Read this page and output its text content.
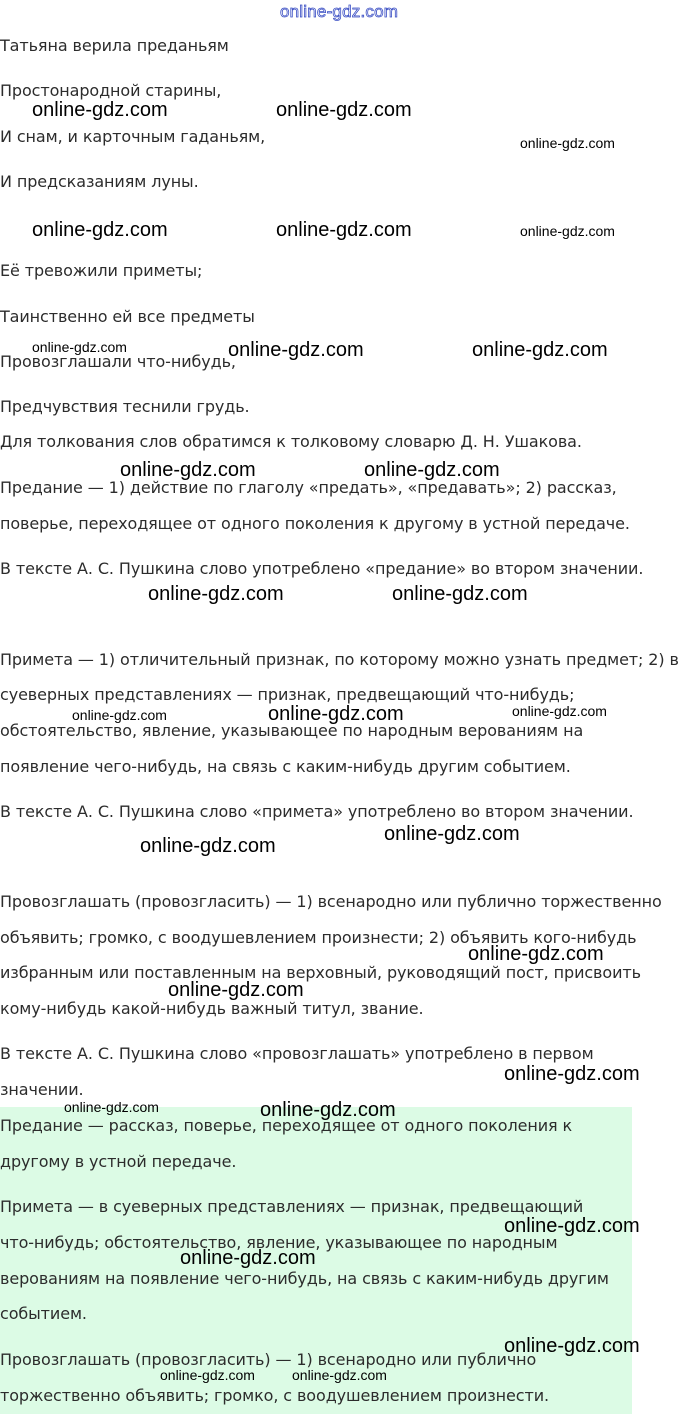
online-gdz.com
Татьяна верила преданьям
Простонародной старины,
И снам, и карточным гаданьям,
И предсказаниям луны.
Её тревожили приметы;
Таинственно ей все предметы
Провозглашали что-нибудь,
Предчувствия теснили грудь.
Для толкования слов обратимся к толковому словарю Д. Н. Ушакова.
Предание — 1) действие по глаголу «предать», «предавать»; 2) рассказ,
поверье, переходящее от одного поколения к другому в устной передаче.
В тексте А. С. Пушкина слово употреблено «предание» во втором значении.
Примета — 1) отличительный признак, по которому можно узнать предмет; 2) в
суеверных представлениях — признак, предвещающий что-нибудь;
обстоятельство, явление, указывающее по народным верованиям на
появление чего-нибудь, на связь с каким-нибудь другим событием.
В тексте А. С. Пушкина слово «примета» употреблено во втором значении.
Провозглашать (провозгласить) — 1) всенародно или публично торжественно
объявить; громко, с воодушевлением произнести; 2) объявить кого-нибудь
избранным или поставленным на верховный, руководящий пост, присвоить
кому-нибудь какой-нибудь важный титул, звание.
В тексте А. С. Пушкина слово «провозглашать» употреблено в первом
значении.
Предание — рассказ, поверье, переходящее от одного поколения к
другому в устной передаче.
Примета — в суеверных представлениях — признак, предвещающий
что-нибудь; обстоятельство, явление, указывающее по народным
верованиям на появление чего-нибудь, на связь с каким-нибудь другим
событием.
Провозглашать (провозгласить) — 1) всенародно или публично
торжественно объявить; громко, с воодушевлением произнести.
online-gdz.com	online-gdz.com
online-gdz.com
online-gdz.com	online-gdz.com	online-gdz.com
online-gdz.com	online-gdz.com	online-gdz.com
online-gdz.com	online-gdz.com
online-gdz.com	online-gdz.com
online-gdz.com	online-gdz.com	online-gdz.com
online-gdz.com
online-gdz.com
online-gdz.com
online-gdz.com
online-gdz.com
online-gdz.com	online-gdz.com
online-gdz.com
online-gdz.com
online-gdz.com
online-gdz.com	online-gdz.com
